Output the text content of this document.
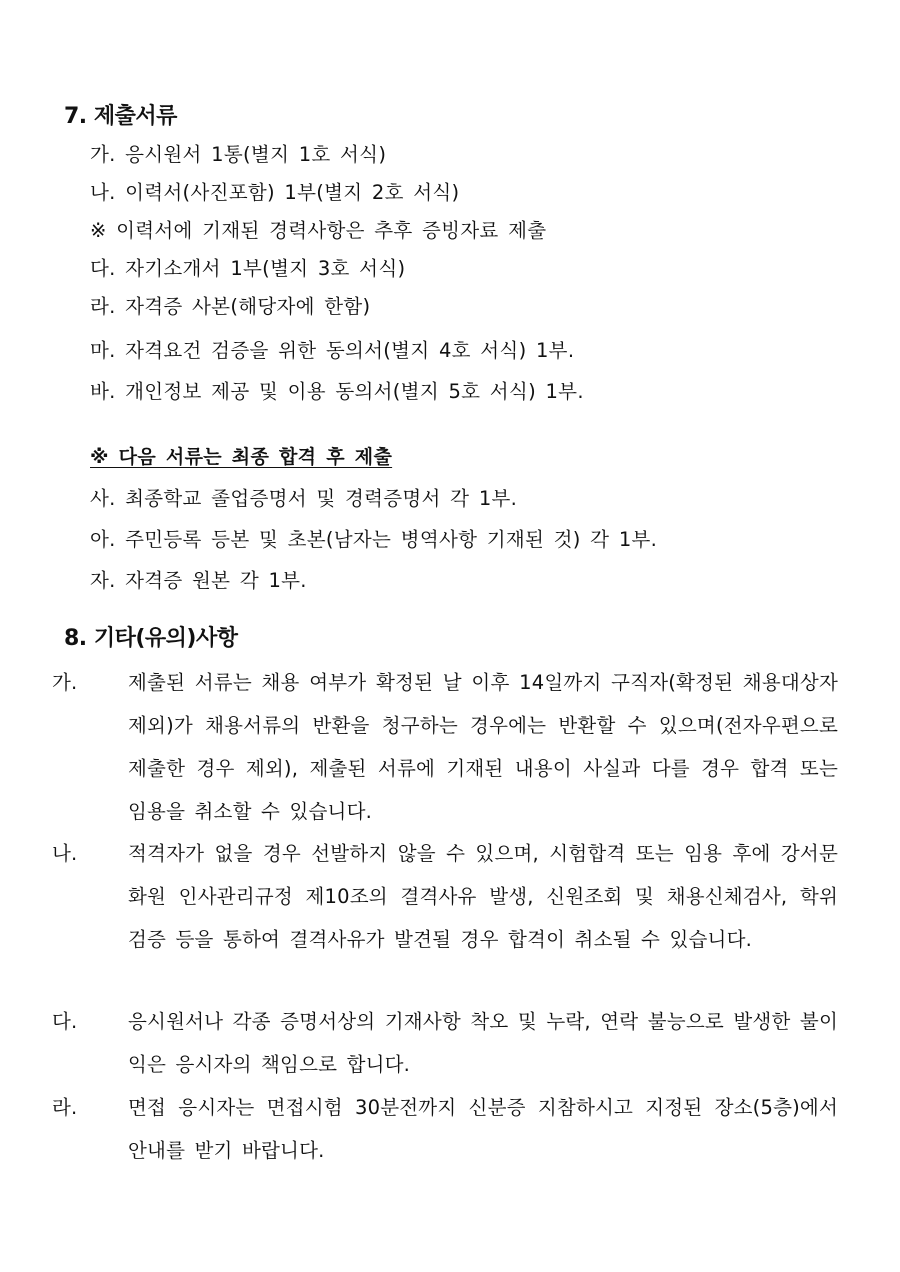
7. 제출서류

가. 응시원서 1통(별지 1호 서식)

나. 이력서(사진포함) 1부(별지 2호 서식)

※ 이력서에 기재된 경력사항은 추후 증빙자료 제출

다. 자기소개서 1부(별지 3호 서식)

라. 자격증 사본(해당자에 한함)

마. 자격요건 검증을 위한 동의서(별지 4호 서식) 1부.

바. 개인정보 제공 및 이용 동의서(별지 5호 서식) 1부.

※ 다음 서류는 최종 합격 후 제출

사. 최종학교 졸업증명서 및 경력증명서 각 1부.

아. 주민등록 등본 및 초본(남자는 병역사항 기재된 것) 각 1부.

자. 자격증 원본 각 1부.

8. 기타(유의)사항

가.	제출된 서류는 채용 여부가 확정된 날 이후 14일까지 구직자(확정된 채용대상자 제외)가 채용서류의 반환을 청구하는 경우에는 반환할 수 있으며(전자우편으로 제출한 경우 제외), 제출된 서류에 기재된 내용이 사실과 다를 경우 합격 또는 임용을 취소할 수 있습니다.

나.	적격자가 없을 경우 선발하지 않을 수 있으며, 시험합격 또는 임용 후에 강서문화원 인사관리규정 제10조의 결격사유 발생, 신원조회 및 채용신체검사, 학위 검증 등을 통하여 결격사유가 발견될 경우 합격이 취소될 수 있습니다.

다.	응시원서나 각종 증명서상의 기재사항 착오 및 누락, 연락 불능으로 발생한 불이익은 응시자의 책임으로 합니다.

라.	면접 응시자는 면접시험 30분전까지 신분증 지참하시고 지정된 장소(5층)에서 안내를 받기 바랍니다.
